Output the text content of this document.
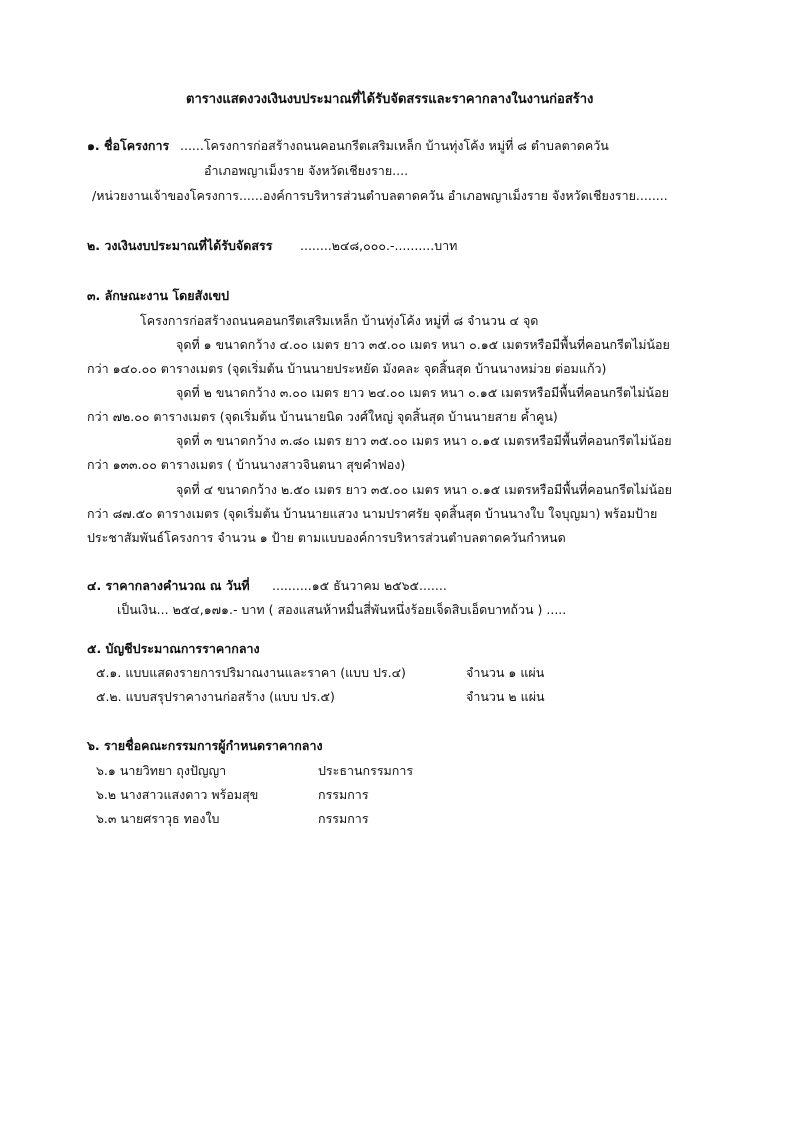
ตารางแสดงวงเงินงบประมาณที่ได้รับจัดสรรและราคากลางในงานก่อสร้าง
๑. ชื่อโครงการ ......โครงการก่อสร้างถนนคอนกรีตเสริมเหล็ก บ้านทุ่งโค้ง หมู่ที่ ๘ ตำบลตาดควัน
อำเภอพญาเม็งราย จังหวัดเชียงราย....
/หน่วยงานเจ้าของโครงการ......องค์การบริหารส่วนตำบลตาดควัน อำเภอพญาเม็งราย จังหวัดเชียงราย........
๒. วงเงินงบประมาณที่ได้รับจัดสรร ........๒๔๘,๐๐๐.-..........บาท
๓. ลักษณะงาน โดยสังเขป
โครงการก่อสร้างถนนคอนกรีตเสริมเหล็ก บ้านทุ่งโค้ง หมู่ที่ ๘ จำนวน ๔ จุด
จุดที่ ๑ ขนาดกว้าง ๔.๐๐ เมตร ยาว ๓๕.๐๐ เมตร หนา ๐.๑๕ เมตรหรือมีพื้นที่คอนกรีตไม่น้อย
กว่า ๑๔๐.๐๐ ตารางเมตร (จุดเริ่มต้น บ้านนายประหยัด มังคละ จุดสิ้นสุด บ้านนางหม่วย ต่อมแก้ว)
จุดที่ ๒ ขนาดกว้าง ๓.๐๐ เมตร ยาว ๒๔.๐๐ เมตร หนา ๐.๑๕ เมตรหรือมีพื้นที่คอนกรีตไม่น้อย
กว่า ๗๒.๐๐ ตารางเมตร (จุดเริ่มต้น บ้านนายนิด วงศ์ใหญ่ จุดสิ้นสุด บ้านนายสาย ค้ำคูน)
จุดที่ ๓ ขนาดกว้าง ๓.๘๐ เมตร ยาว ๓๕.๐๐ เมตร หนา ๐.๑๕ เมตรหรือมีพื้นที่คอนกรีตไม่น้อย
กว่า ๑๓๓.๐๐ ตารางเมตร ( บ้านนางสาวจินตนา สุขคำฟอง)
จุดที่ ๔ ขนาดกว้าง ๒.๕๐ เมตร ยาว ๓๕.๐๐ เมตร หนา ๐.๑๕ เมตรหรือมีพื้นที่คอนกรีตไม่น้อย
กว่า ๘๗.๕๐ ตารางเมตร (จุดเริ่มต้น บ้านนายแสวง นามปราศรัย จุดสิ้นสุด บ้านนางใบ ใจบุญมา) พร้อมป้าย
ประชาสัมพันธ์โครงการ จำนวน ๑ ป้าย ตามแบบองค์การบริหารส่วนตำบลตาดควันกำหนด
๔. ราคากลางคำนวณ ณ วันที่ ..........๑๕ ธันวาคม ๒๕๖๕.......
เป็นเงิน... ๒๕๔,๑๗๑.- บาท ( สองแสนห้าหมื่นสี่พันหนึ่งร้อยเจ็ดสิบเอ็ดบาทถ้วน ) .....
๕. บัญชีประมาณการราคากลาง
๕.๑. แบบแสดงรายการปริมาณงานและราคา (แบบ ปร.๔)	จำนวน ๑ แผ่น
๕.๒. แบบสรุปราคางานก่อสร้าง (แบบ ปร.๕)	จำนวน ๒ แผ่น
๖. รายชื่อคณะกรรมการผู้กำหนดราคากลาง
๖.๑ นายวิทยา ถุงปัญญา	ประธานกรรมการ
๖.๒ นางสาวแสงดาว พร้อมสุข	กรรมการ
๖.๓ นายศราวุธ ทองใบ	กรรมการ
